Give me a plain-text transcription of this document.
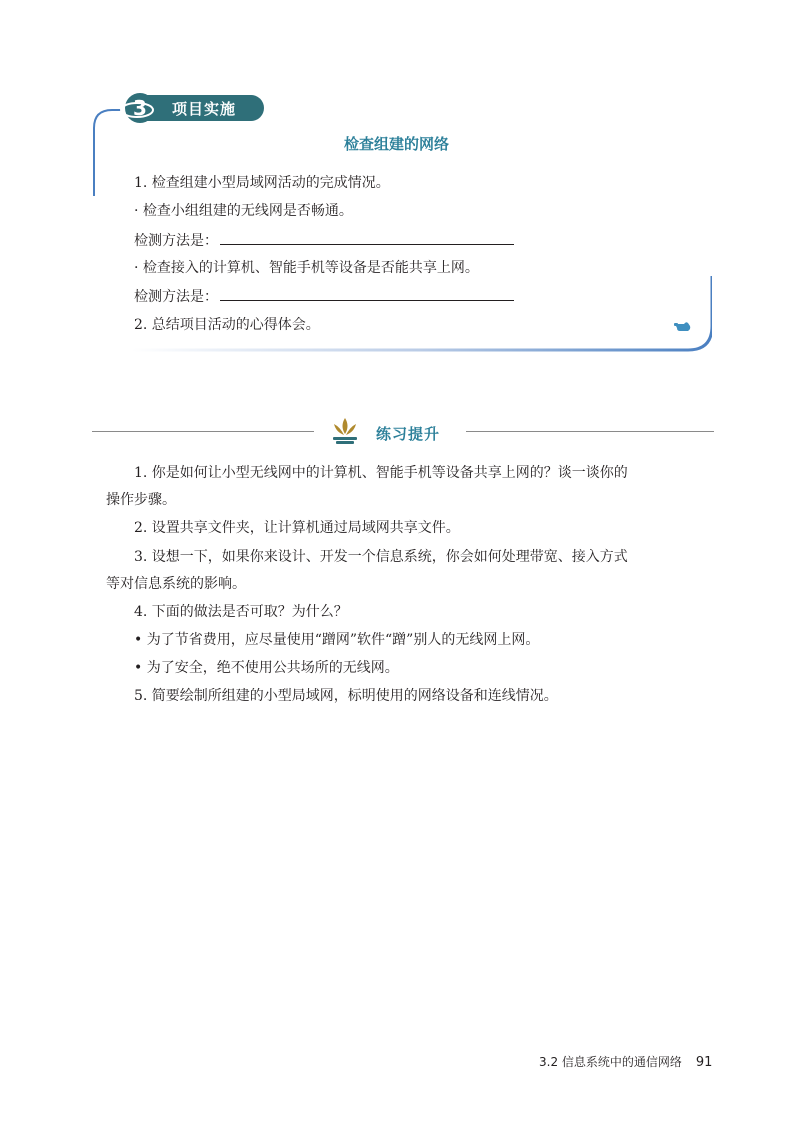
项目实施
3
检查组建的网络
1. 检查组建小型局域网活动的完成情况。
· 检查小组组建的无线网是否畅通。
检测方法是：
· 检查接入的计算机、智能手机等设备是否能共享上网。
检测方法是：
2. 总结项目活动的心得体会。
练习提升
1. 你是如何让小型无线网中的计算机、智能手机等设备共享上网的？谈一谈你的
操作步骤。
2. 设置共享文件夹，让计算机通过局域网共享文件。
3. 设想一下，如果你来设计、开发一个信息系统，你会如何处理带宽、接入方式
等对信息系统的影响。
4. 下面的做法是否可取？为什么？
• 为了节省费用，应尽量使用“蹭网”软件“蹭”别人的无线网上网。
• 为了安全，绝不使用公共场所的无线网。
5. 简要绘制所组建的小型局域网，标明使用的网络设备和连线情况。
3.2 信息系统中的通信网络 91
